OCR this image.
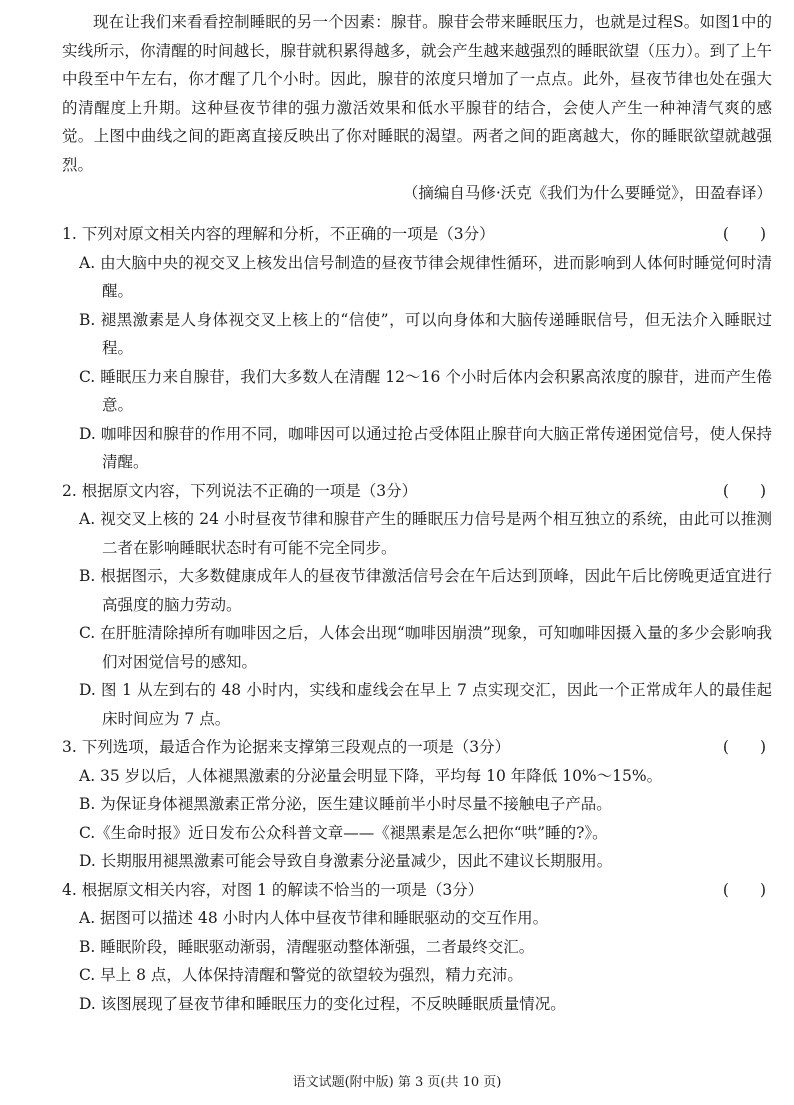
现在让我们来看看控制睡眠的另一个因素：腺苷。腺苷会带来睡眠压力，也就是过程S。如图1中的实线所示，你清醒的时间越长，腺苷就积累得越多，就会产生越来越强烈的睡眠欲望（压力）。到了上午中段至中午左右，你才醒了几个小时。因此，腺苷的浓度只增加了一点点。此外，昼夜节律也处在强大的清醒度上升期。这种昼夜节律的强力激活效果和低水平腺苷的结合，会使人产生一种神清气爽的感觉。上图中曲线之间的距离直接反映出了你对睡眠的渴望。两者之间的距离越大，你的睡眠欲望就越强烈。

（摘编自马修·沃克《我们为什么要睡觉》，田盈春译）
1. 下列对原文相关内容的理解和分析，不正确的一项是（3分）	(　　)
A. 由大脑中央的视交叉上核发出信号制造的昼夜节律会规律性循环，进而影响到人体何时睡觉何时清醒。
B. 褪黑激素是人身体视交叉上核上的“信使”，可以向身体和大脑传递睡眠信号，但无法介入睡眠过程。
C. 睡眠压力来自腺苷，我们大多数人在清醒 12～16 个小时后体内会积累高浓度的腺苷，进而产生倦意。
D. 咖啡因和腺苷的作用不同，咖啡因可以通过抢占受体阻止腺苷向大脑正常传递困觉信号，使人保持清醒。
2. 根据原文内容，下列说法不正确的一项是（3分）	(　　)
A. 视交叉上核的 24 小时昼夜节律和腺苷产生的睡眠压力信号是两个相互独立的系统，由此可以推测二者在影响睡眠状态时有可能不完全同步。
B. 根据图示，大多数健康成年人的昼夜节律激活信号会在午后达到顶峰，因此午后比傍晚更适宜进行高强度的脑力劳动。
C. 在肝脏清除掉所有咖啡因之后，人体会出现“咖啡因崩溃”现象，可知咖啡因摄入量的多少会影响我们对困觉信号的感知。
D. 图 1 从左到右的 48 小时内，实线和虚线会在早上 7 点实现交汇，因此一个正常成年人的最佳起床时间应为 7 点。
3. 下列选项，最适合作为论据来支撑第三段观点的一项是（3分）	(　　)
A. 35 岁以后，人体褪黑激素的分泌量会明显下降，平均每 10 年降低 10%～15%。
B. 为保证身体褪黑激素正常分泌，医生建议睡前半小时尽量不接触电子产品。
C.《生命时报》近日发布公众科普文章——《褪黑素是怎么把你“哄”睡的?》。
D. 长期服用褪黑激素可能会导致自身激素分泌量减少，因此不建议长期服用。
4. 根据原文相关内容，对图 1 的解读不恰当的一项是（3分）	(　　)
A. 据图可以描述 48 小时内人体中昼夜节律和睡眠驱动的交互作用。
B. 睡眠阶段，睡眠驱动渐弱，清醒驱动整体渐强，二者最终交汇。
C. 早上 8 点，人体保持清醒和警觉的欲望较为强烈，精力充沛。
D. 该图展现了昼夜节律和睡眠压力的变化过程，不反映睡眠质量情况。
语文试题(附中版) 第 3 页(共 10 页)
